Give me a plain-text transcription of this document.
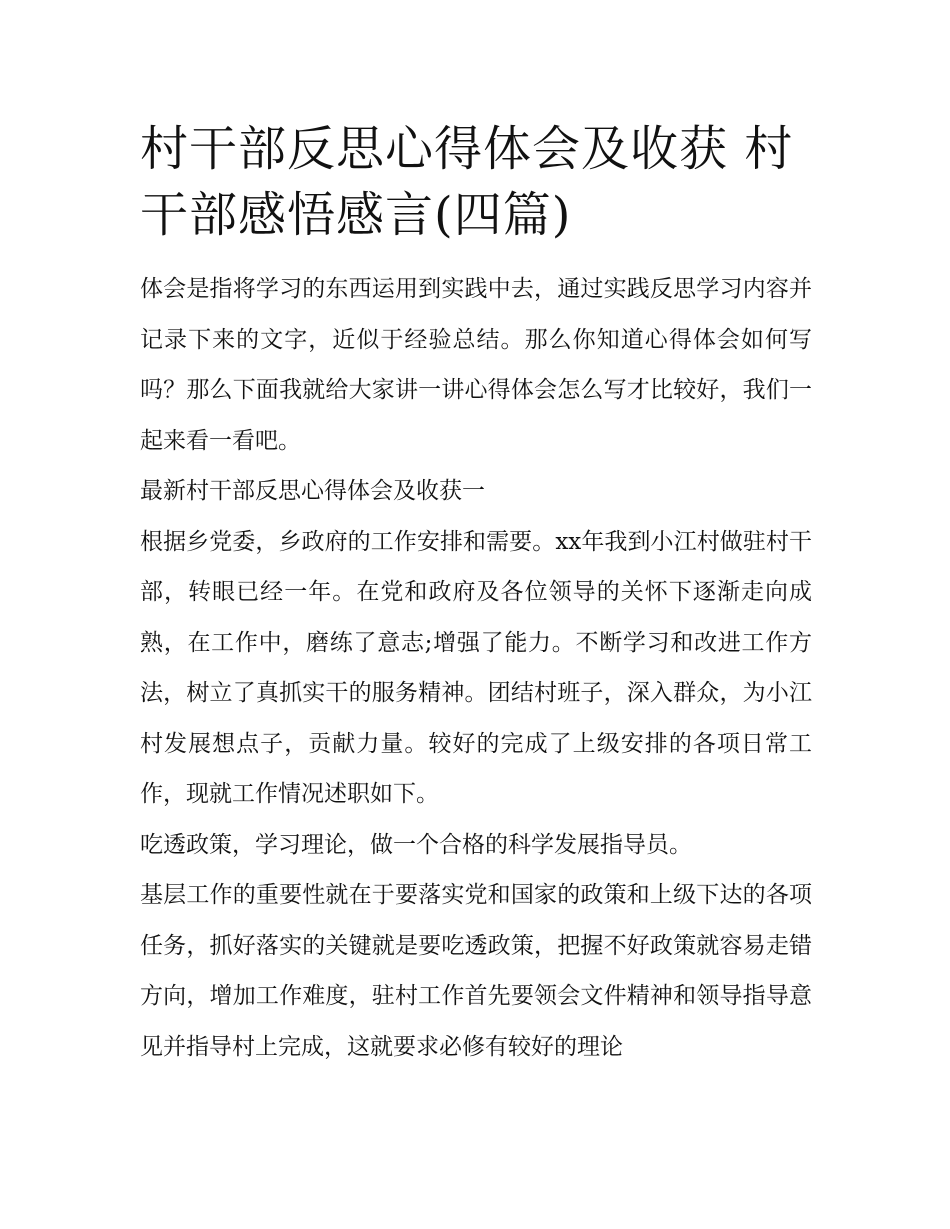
村干部反思心得体会及收获 村干部感悟感言(四篇)

体会是指将学习的东西运用到实践中去，通过实践反思学习内容并记录下来的文字，近似于经验总结。那么你知道心得体会如何写吗？那么下面我就给大家讲一讲心得体会怎么写才比较好，我们一起来看一看吧。

最新村干部反思心得体会及收获一

根据乡党委，乡政府的工作安排和需要。xx年我到小江村做驻村干部，转眼已经一年。在党和政府及各位领导的关怀下逐渐走向成熟，在工作中，磨练了意志;增强了能力。不断学习和改进工作方法，树立了真抓实干的服务精神。团结村班子，深入群众，为小江村发展想点子，贡献力量。较好的完成了上级安排的各项日常工作，现就工作情况述职如下。

吃透政策，学习理论，做一个合格的科学发展指导员。

基层工作的重要性就在于要落实党和国家的政策和上级下达的各项任务，抓好落实的关键就是要吃透政策，把握不好政策就容易走错方向，增加工作难度，驻村工作首先要领会文件精神和领导指导意见并指导村上完成，这就要求必修有较好的理论
